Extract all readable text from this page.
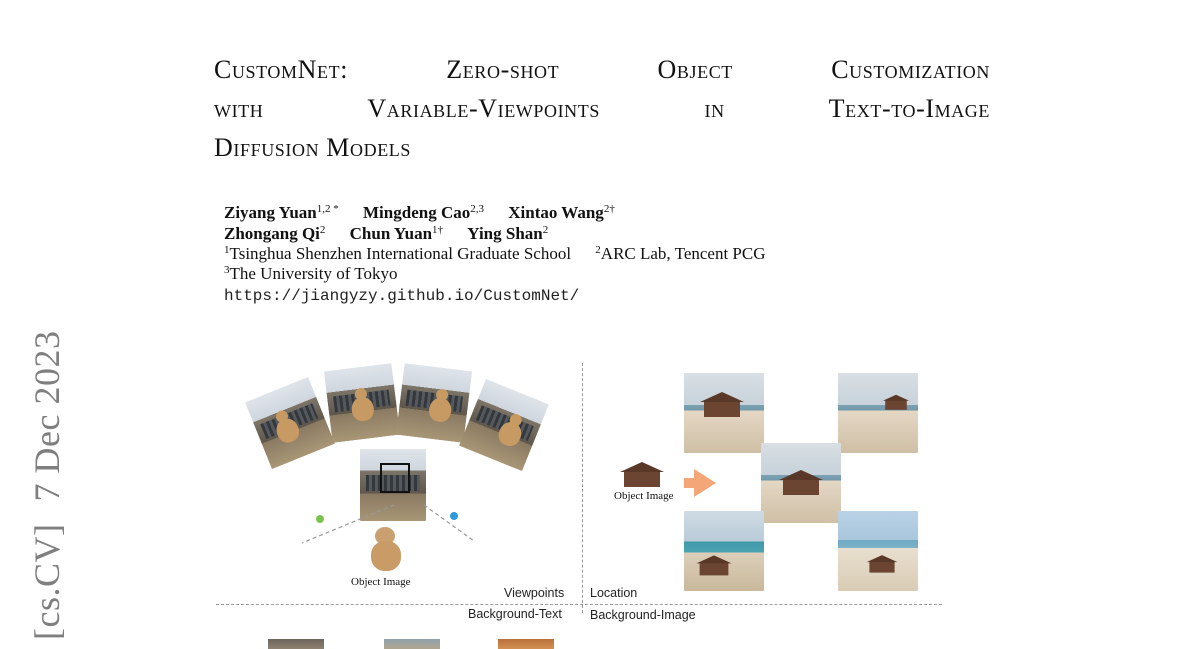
[cs.CV]7 Dec 2023
CustomNet: Zero-shot Object Customization
with Variable-Viewpoints in Text-to-Image
Diffusion Models
Ziyang Yuan$^{1,2 *}$ Mingdeng Cao$^{2,3}$ Xintao Wang$^{2\dagger}$
Zhongang Qi$^2$ Chun Yuan$^{1\dagger}$ Ying Shan$^2$
$^1$Tsinghua Shenzhen International Graduate School $^2$ARC Lab, Tencent PCG
$^3$The University of Tokyo
https://jiangyzy.github.io/CustomNet/
Object Image
Object Image
Viewpoints Location
Background-Text Background-Image
